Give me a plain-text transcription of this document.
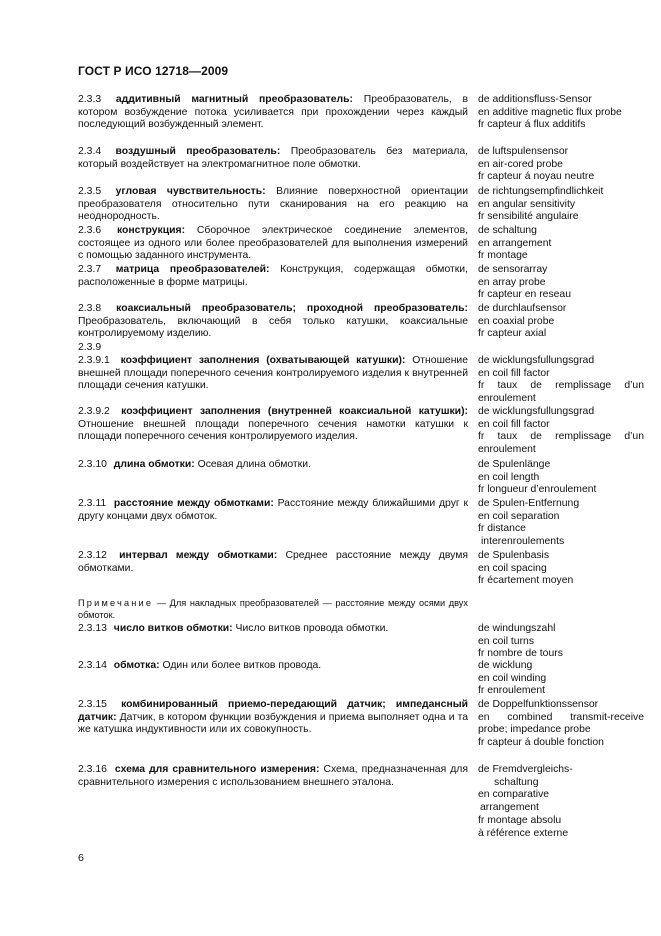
ГОСТ Р ИСО 12718—2009
2.3.3 аддитивный магнитный преобразователь: Преобразователь, в котором возбуждение потока усиливается при прохождении через каждый последующий возбужденный элемент.
de additionsfluss-Sensor
en additive magnetic flux probe
fr capteur á flux additifs
2.3.4 воздушный преобразователь: Преобразователь без материала, который воздействует на электромагнитное поле обмотки.
de luftspulensensor
en air-cored probe
fr capteur á noyau neutre
2.3.5 угловая чувствительность: Влияние поверхностной ориентации преобразователя относительно пути сканирования на его реакцию на неоднородность.
de richtungsempfindlichkeit
en angular sensitivity
fr sensibilité angulaire
2.3.6 конструкция: Сборочное электрическое соединение элементов, состоящее из одного или более преобразователей для выполнения измерений с помощью заданного инструмента.
de schaltung
en arrangement
fr montage
2.3.7 матрица преобразователей: Конструкция, содержащая обмотки, расположенные в форме матрицы.
de sensorarray
en array probe
fr capteur en reseau
2.3.8 коаксиальный преобразователь; проходной преобразователь: Преобразователь, включающий в себя только катушки, коаксиальные контролируемому изделию.
de durchlaufsensor
en coaxial probe
fr capteur axial
2.3.9
2.3.9.1 коэффициент заполнения (охватывающей катушки): Отношение внешней площади поперечного сечения контролируемого изделия к внутренней площади сечения катушки.
de wicklungsfullungsgrad
en coil fill factor
fr taux de remplissage d’un enroulement
2.3.9.2 коэффициент заполнения (внутренней коаксиальной катушки): Отношение внешней площади поперечного сечения намотки катушки к площади поперечного сечения контролируемого изделия.
de wicklungsfullungsgrad
en coil fill factor
fr taux de remplissage d’un enroulement
2.3.10 длина обмотки: Осевая длина обмотки.	de Spulenlänge
en coil length
fr longueur d’enroulement
2.3.11 расстояние между обмотками: Расстояние между ближайшими друг к другу концами двух обмоток.
de Spulen-Entfernung
en coil separation
fr distance
interenroulements
2.3.12 интервал между обмотками: Среднее расстояние между двумя обмотками.
de Spulenbasis
en coil spacing
fr écartement moyen
Примечание — Для накладных преобразователей — расстояние между осями двух обмоток.
2.3.13 число витков обмотки: Число витков провода обмотки.	de windungszahl
en coil turns
fr nombre de tours
2.3.14 обмотка: Один или более витков провода.	de wicklung
en coil winding
fr enroulement
2.3.15 комбинированный приемо-передающий датчик; импедансный датчик: Датчик, в котором функции возбуждения и приема выполняет одна и та же катушка индуктивности или их совокупность.
de Doppelfunktionssensor
en combined transmit-receive probe; impedance probe
fr capteur á double fonction
2.3.16 схема для сравнительного измерения: Схема, предназначенная для сравнительного измерения с использованием внешнего эталона.
de Fremdvergleichs-
schaltung
en comparative
arrangement
fr montage absolu
à référence externe
6
